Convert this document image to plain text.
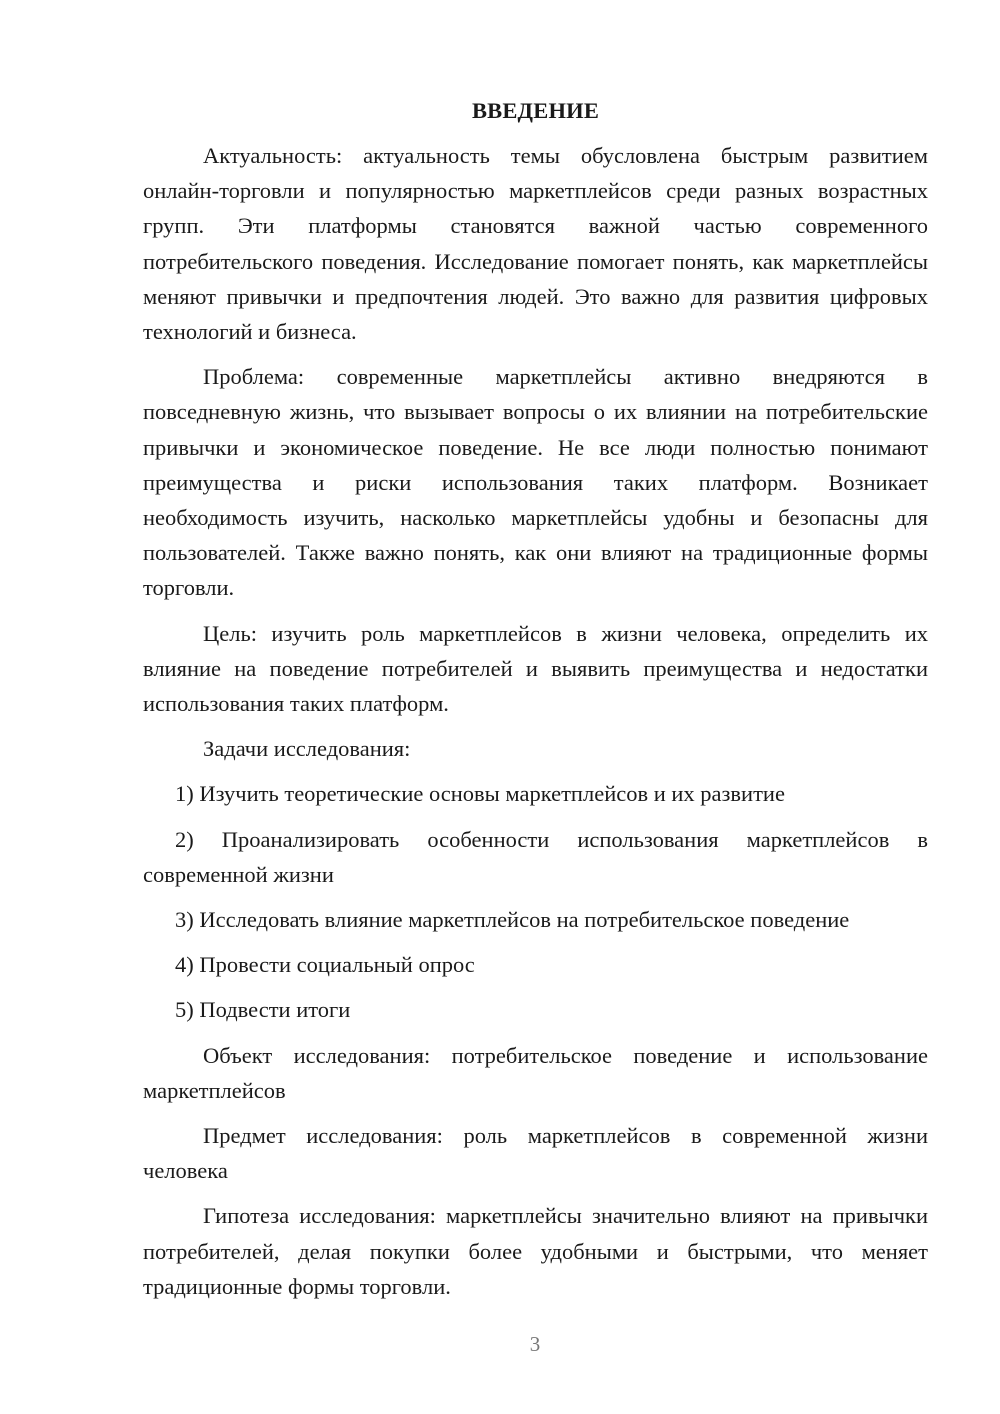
ВВЕДЕНИЕ

Актуальность: актуальность темы обусловлена быстрым развитием онлайн-торговли и популярностью маркетплейсов среди разных возрастных групп. Эти платформы становятся важной частью современного потребительского поведения. Исследование помогает понять, как маркетплейсы меняют привычки и предпочтения людей. Это важно для развития цифровых технологий и бизнеса.

Проблема: современные маркетплейсы активно внедряются в повседневную жизнь, что вызывает вопросы о их влиянии на потребительские привычки и экономическое поведение. Не все люди полностью понимают преимущества и риски использования таких платформ. Возникает необходимость изучить, насколько маркетплейсы удобны и безопасны для пользователей. Также важно понять, как они влияют на традиционные формы торговли.

Цель: изучить роль маркетплейсов в жизни человека, определить их влияние на поведение потребителей и выявить преимущества и недостатки использования таких платформ.

Задачи исследования:

1) Изучить теоретические основы маркетплейсов и их развитие

2) Проанализировать особенности использования маркетплейсов в современной жизни

3) Исследовать влияние маркетплейсов на потребительское поведение

4) Провести социальный опрос

5) Подвести итоги

Объект исследования: потребительское поведение и использование маркетплейсов

Предмет исследования: роль маркетплейсов в современной жизни человека

Гипотеза исследования: маркетплейсы значительно влияют на привычки потребителей, делая покупки более удобными и быстрыми, что меняет традиционные формы торговли.

3
